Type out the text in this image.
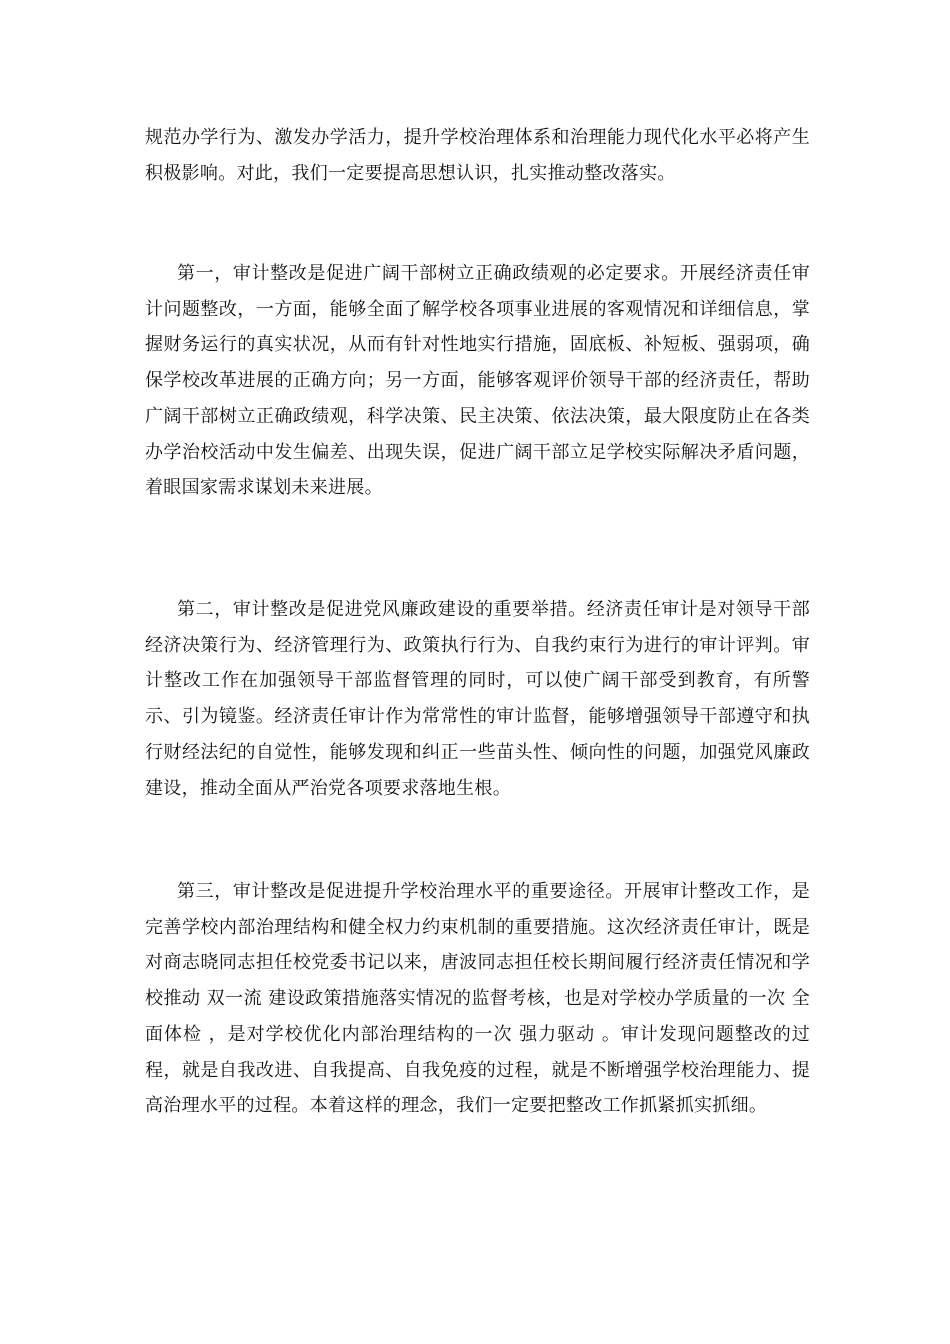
规范办学行为、激发办学活力，提升学校治理体系和治理能力现代化水平必将产生积极影响。对此，我们一定要提高思想认识，扎实推动整改落实。

第一，审计整改是促进广阔干部树立正确政绩观的必定要求。开展经济责任审计问题整改，一方面，能够全面了解学校各项事业进展的客观情况和详细信息，掌握财务运行的真实状况，从而有针对性地实行措施，固底板、补短板、强弱项，确保学校改革进展的正确方向；另一方面，能够客观评价领导干部的经济责任，帮助广阔干部树立正确政绩观，科学决策、民主决策、依法决策，最大限度防止在各类办学治校活动中发生偏差、出现失误，促进广阔干部立足学校实际解决矛盾问题，着眼国家需求谋划未来进展。

第二，审计整改是促进党风廉政建设的重要举措。经济责任审计是对领导干部经济决策行为、经济管理行为、政策执行行为、自我约束行为进行的审计评判。审计整改工作在加强领导干部监督管理的同时，可以使广阔干部受到教育，有所警示、引为镜鉴。经济责任审计作为常常性的审计监督，能够增强领导干部遵守和执行财经法纪的自觉性，能够发现和纠正一些苗头性、倾向性的问题，加强党风廉政建设，推动全面从严治党各项要求落地生根。

第三，审计整改是促进提升学校治理水平的重要途径。开展审计整改工作，是完善学校内部治理结构和健全权力约束机制的重要措施。这次经济责任审计，既是对商志晓同志担任校党委书记以来，唐波同志担任校长期间履行经济责任情况和学校推动 双一流 建设政策措施落实情况的监督考核，也是对学校办学质量的一次 全面体检 ，是对学校优化内部治理结构的一次 强力驱动 。审计发现问题整改的过程，就是自我改进、自我提高、自我免疫的过程，就是不断增强学校治理能力、提高治理水平的过程。本着这样的理念，我们一定要把整改工作抓紧抓实抓细。
